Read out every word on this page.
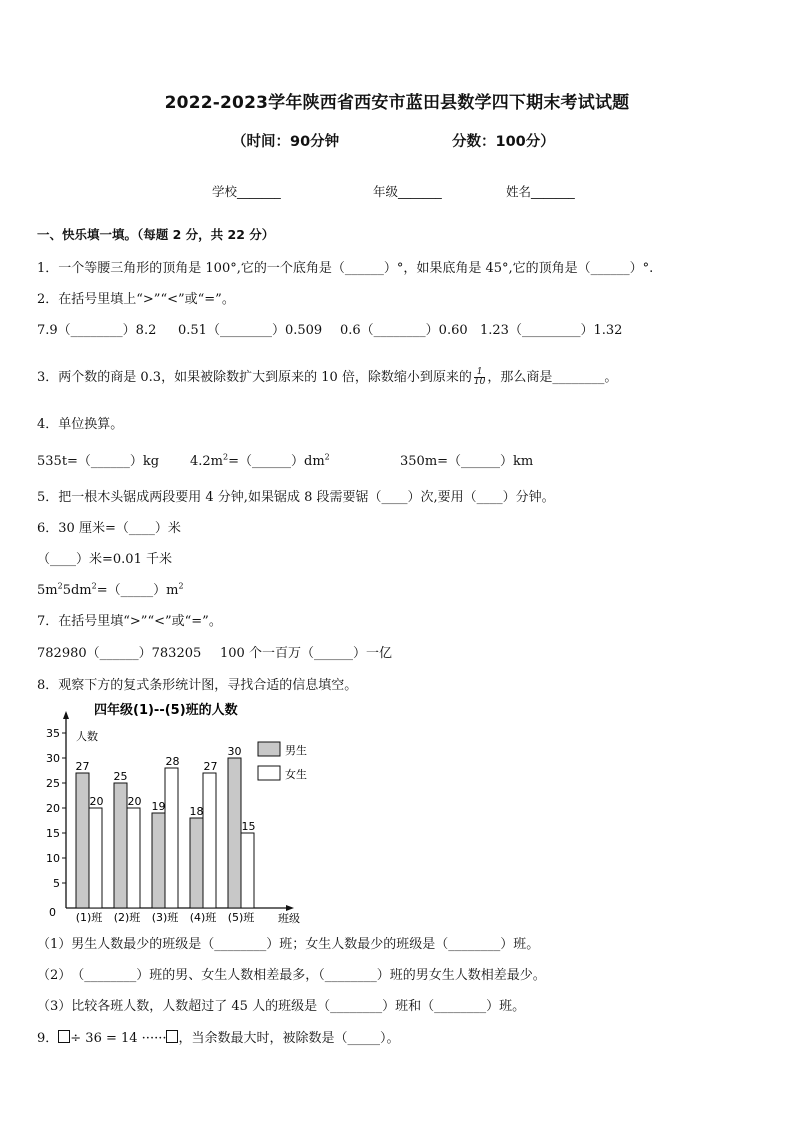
2022-2023学年陕西省西安市蓝田县数学四下期末考试试题
（时间：90分钟	分数：100分）
学校_______	年级_______	姓名_______
一、快乐填一填。（每题 2 分，共 22 分）
1．一个等腰三角形的顶角是 100°,它的一个底角是（______）°，如果底角是 45°,它的顶角是（______）°.
2．在括号里填上“>”“<”或“=”。
7.9（________）8.2 0.51（________）0.509 0.6（________）0.60 1.23（_________）1.32
3．两个数的商是 0.3，如果被除数扩大到原来的 10 倍，除数缩小到原来的 $\frac{1}{10}$ ，那么商是________。
4．单位换算。
535t=（______）kg $4.2m^2=(\_\_\_\_\_\_)dm^2$	350m=（______）km
5．把一根木头锯成两段要用 4 分钟,如果锯成 8 段需要锯（____）次,要用（____）分钟。
6．30 厘米=（____）米
（____）米=0.01 千米
$5m^25dm^2=(\_\_\_\_\_)m^2$
7．在括号里填“>”“<”或“=”。
782980（______）783205 100 个一百万（______）一亿
8．观察下方的复式条形统计图，寻找合适的信息填空。
四年级(1)--(5)班的人数
人数
0
5
10
15
20
25
30
35
27
20
(1)班
25
20
(2)班
19
28
(3)班
18
27
(4)班
30
15
(5)班 班级
男生
女生
（1）男生人数最少的班级是（________）班；女生人数最少的班级是（________）班。
（2）　（________）班的男、女生人数相差最多，（________）班的男女生人数相差最少。
（3）比较各班人数，人数超过了 45 人的班级是（________）班和（________）班。
9． ÷ 36 = 14 ······ ，当余数最大时，被除数是（_____）。
